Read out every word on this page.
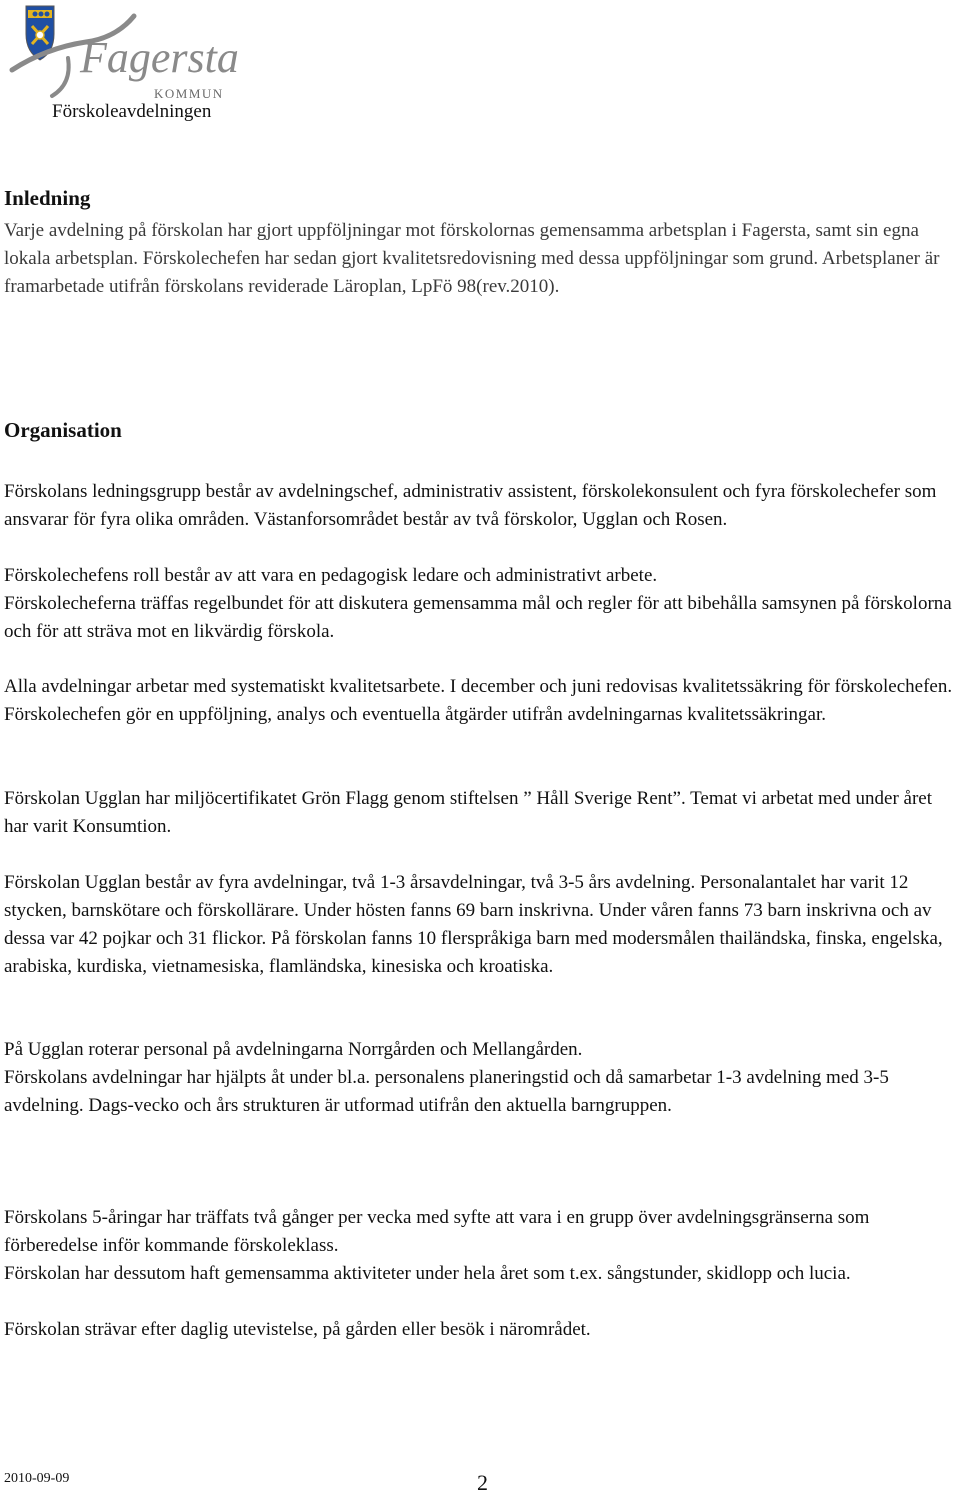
Fagersta
KOMMUN
Förskoleavdelningen
Inledning
Varje avdelning på förskolan har gjort uppföljningar mot förskolornas gemensamma arbetsplan i Fagersta, samt sin egna lokala arbetsplan. Förskolechefen har sedan gjort kvalitetsredovisning med dessa uppföljningar som grund. Arbetsplaner är framarbetade utifrån förskolans reviderade Läroplan, LpFö 98(rev.2010).
Organisation
Förskolans ledningsgrupp består av avdelningschef, administrativ assistent, förskolekonsulent och fyra förskolechefer som ansvarar för fyra olika områden. Västanforsområdet består av två förskolor, Ugglan och Rosen.
Förskolechefens roll består av att vara en pedagogisk ledare och administrativt arbete.
Förskolecheferna träffas regelbundet för att diskutera gemensamma mål och regler för att bibehålla samsynen på förskolorna och för att sträva mot en likvärdig förskola.
Alla avdelningar arbetar med systematiskt kvalitetsarbete. I december och juni redovisas kvalitetssäkring för förskolechefen. Förskolechefen gör en uppföljning, analys och eventuella åtgärder utifrån avdelningarnas kvalitetssäkringar.
Förskolan Ugglan har miljöcertifikatet Grön Flagg genom stiftelsen ” Håll Sverige Rent”. Temat vi arbetat med under året har varit Konsumtion.
Förskolan Ugglan består av fyra avdelningar, två 1-3 årsavdelningar, två 3-5 års avdelning. Personalantalet har varit 12 stycken, barnskötare och förskollärare. Under hösten fanns 69 barn inskrivna. Under våren fanns 73 barn inskrivna och av dessa var 42 pojkar och 31 flickor. På förskolan fanns 10 flerspråkiga barn med modersmålen thailändska, finska, engelska, arabiska, kurdiska, vietnamesiska, flamländska, kinesiska och kroatiska.
På Ugglan roterar personal på avdelningarna Norrgården och Mellangården.
Förskolans avdelningar har hjälpts åt under bl.a. personalens planeringstid och då samarbetar 1-3 avdelning med 3-5 avdelning. Dags-vecko och års strukturen är utformad utifrån den aktuella barngruppen.
Förskolans 5-åringar har träffats två gånger per vecka med syfte att vara i en grupp över avdelningsgränserna som förberedelse inför kommande förskoleklass.
Förskolan har dessutom haft gemensamma aktiviteter under hela året som t.ex. sångstunder, skidlopp och lucia.
Förskolan strävar efter daglig utevistelse, på gården eller besök i närområdet.
2010-09-09	2
